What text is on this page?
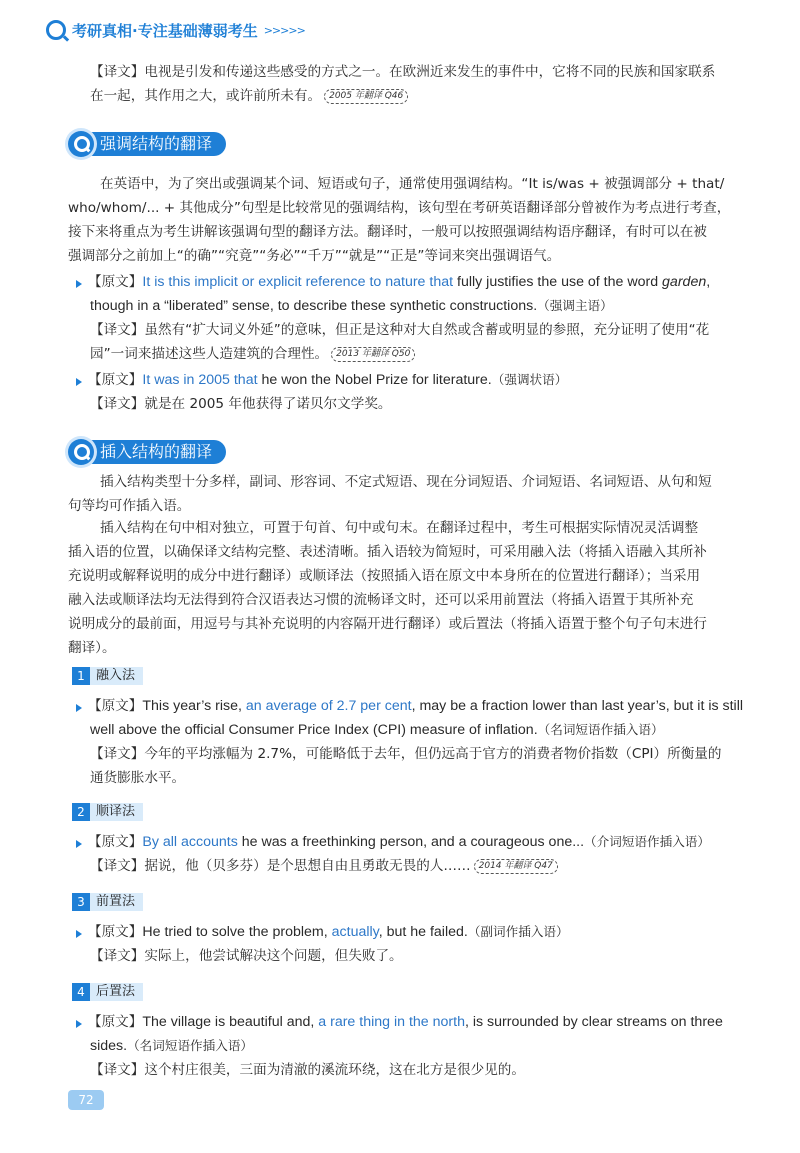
考研真相·专注基础薄弱考生 >>>>>
【译文】电视是引发和传递这些感受的方式之一。在欧洲近来发生的事件中，它将不同的民族和国家联系
在一起，其作用之大，或许前所未有。 2005 年翻译 Q46
强调结构的翻译
在英语中，为了突出或强调某个词、短语或句子，通常使用强调结构。“It is/was + 被强调部分 + that/
who/whom/... + 其他成分”句型是比较常见的强调结构，该句型在考研英语翻译部分曾被作为考点进行考查，
接下来将重点为考生讲解该强调句型的翻译方法。翻译时，一般可以按照强调结构语序翻译，有时可以在被
强调部分之前加上“的确”“究竟”“务必”“千万”“就是”“正是”等词来突出强调语气。
【原文】It is this implicit or explicit reference to nature that fully justifies the use of the word garden,
though in a “liberated” sense, to describe these synthetic constructions.（强调主语）
【译文】虽然有“扩大词义外延”的意味，但正是这种对大自然或含蓄或明显的参照，充分证明了使用“花
园”一词来描述这些人造建筑的合理性。 2013 年翻译 Q50
【原文】It was in 2005 that he won the Nobel Prize for literature.（强调状语）
【译文】就是在 2005 年他获得了诺贝尔文学奖。
插入结构的翻译
插入结构类型十分多样，副词、形容词、不定式短语、现在分词短语、介词短语、名词短语、从句和短
句等均可作插入语。
插入结构在句中相对独立，可置于句首、句中或句末。在翻译过程中，考生可根据实际情况灵活调整
插入语的位置，以确保译文结构完整、表述清晰。插入语较为简短时，可采用融入法（将插入语融入其所补
充说明或解释说明的成分中进行翻译）或顺译法（按照插入语在原文中本身所在的位置进行翻译）；当采用
融入法或顺译法均无法得到符合汉语表达习惯的流畅译文时，还可以采用前置法（将插入语置于其所补充
说明成分的最前面，用逗号与其补充说明的内容隔开进行翻译）或后置法（将插入语置于整个句子句末进行
翻译）。
1 融入法
【原文】This year’s rise, an average of 2.7 per cent, may be a fraction lower than last year’s, but it is still
well above the official Consumer Price Index (CPI) measure of inflation.（名词短语作插入语）
【译文】今年的平均涨幅为 2.7%，可能略低于去年，但仍远高于官方的消费者物价指数（CPI）所衡量的
通货膨胀水平。
2 顺译法
【原文】By all accounts he was a freethinking person, and a courageous one...（介词短语作插入语）
【译文】据说，他（贝多芬）是个思想自由且勇敢无畏的人…… 2014 年翻译 Q47
3 前置法
【原文】He tried to solve the problem, actually, but he failed.（副词作插入语）
【译文】实际上，他尝试解决这个问题，但失败了。
4 后置法
【原文】The village is beautiful and, a rare thing in the north, is surrounded by clear streams on three
sides.（名词短语作插入语）
【译文】这个村庄很美，三面为清澈的溪流环绕，这在北方是很少见的。
72
